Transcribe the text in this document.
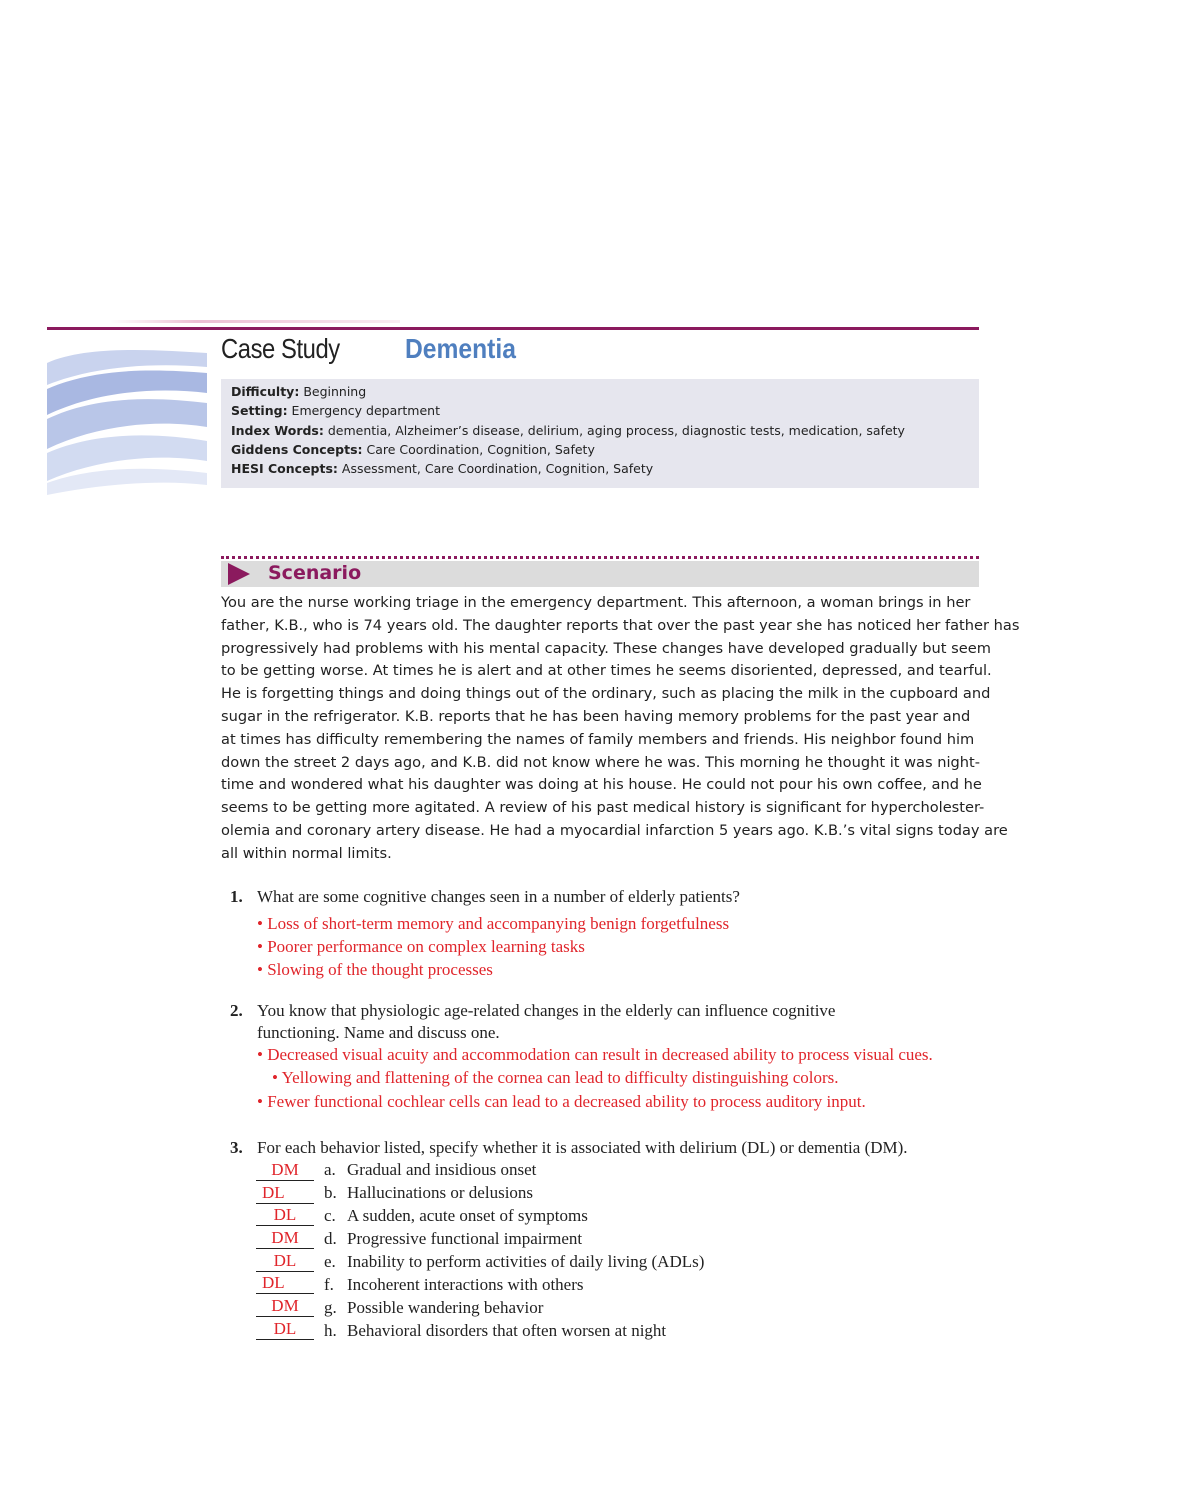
Case Study Dementia
Difficulty: Beginning
Setting: Emergency department
Index Words: dementia, Alzheimer’s disease, delirium, aging process, diagnostic tests, medication, safety
Giddens Concepts: Care Coordination, Cognition, Safety
HESI Concepts: Assessment, Care Coordination, Cognition, Safety
Scenario
You are the nurse working triage in the emergency department. This afternoon, a woman brings in her
father, K.B., who is 74 years old. The daughter reports that over the past year she has noticed her father has
progressively had problems with his mental capacity. These changes have developed gradually but seem
to be getting worse. At times he is alert and at other times he seems disoriented, depressed, and tearful.
He is forgetting things and doing things out of the ordinary, such as placing the milk in the cupboard and
sugar in the refrigerator. K.B. reports that he has been having memory problems for the past year and
at times has difficulty remembering the names of family members and friends. His neighbor found him
down the street 2 days ago, and K.B. did not know where he was. This morning he thought it was night-
time and wondered what his daughter was doing at his house. He could not pour his own coffee, and he
seems to be getting more agitated. A review of his past medical history is significant for hypercholester-
olemia and coronary artery disease. He had a myocardial infarction 5 years ago. K.B.’s vital signs today are
all within normal limits.
1. What are some cognitive changes seen in a number of elderly patients?
• Loss of short-term memory and accompanying benign forgetfulness
• Poorer performance on complex learning tasks
• Slowing of the thought processes
2. You know that physiologic age-related changes in the elderly can influence cognitive
functioning. Name and discuss one.
• Decreased visual acuity and accommodation can result in decreased ability to process visual cues.
• Yellowing and flattening of the cornea can lead to difficulty distinguishing colors.
• Fewer functional cochlear cells can lead to a decreased ability to process auditory input.
3. For each behavior listed, specify whether it is associated with delirium (DL) or dementia (DM).
DM	a. Gradual and insidious onset
DL	b. Hallucinations or delusions
DL	c. A sudden, acute onset of symptoms
DM	d. Progressive functional impairment
DL	e. Inability to perform activities of daily living (ADLs)
DL	f. Incoherent interactions with others
DM	g. Possible wandering behavior
DL	h. Behavioral disorders that often worsen at night
